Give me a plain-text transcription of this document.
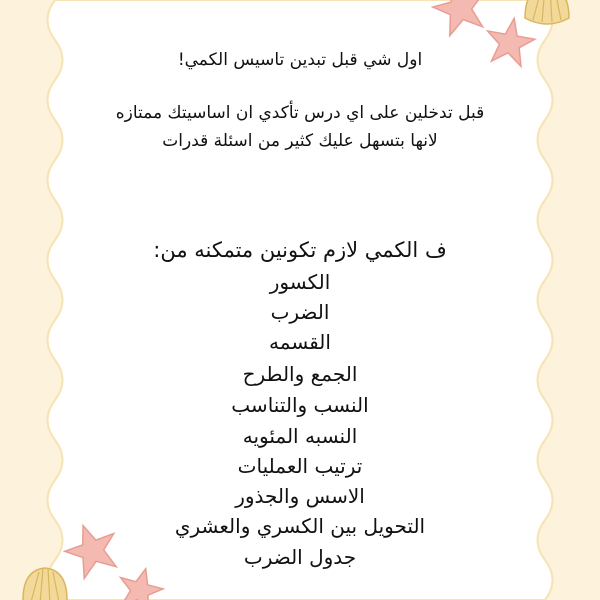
اول شي قبل تبدين تاسيس الكمي!
قبل تدخلين على اي درس تأكدي ان اساسيتك ممتازه
لانها بتسهل عليك كثير من اسئلة قدرات
ف الكمي لازم تكونين متمكنه من:
الكسور
الضرب
القسمه
الجمع والطرح
النسب والتناسب
النسبه المئويه
ترتيب العمليات
الاسس والجذور
التحويل بين الكسري والعشري
جدول الضرب
